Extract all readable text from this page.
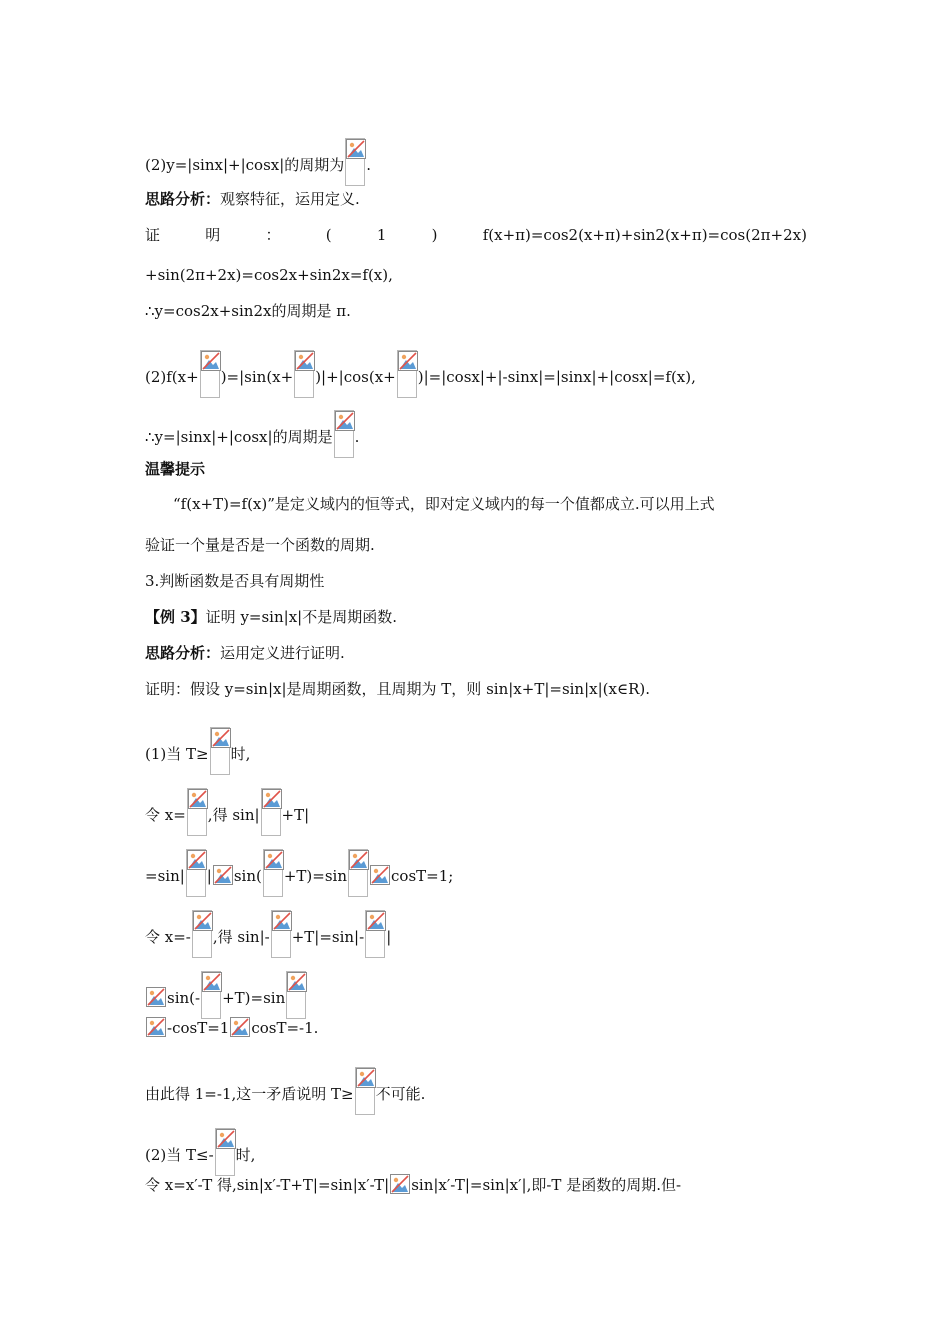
(2)y=|sinx|+|cosx|的周期为 .
思路分析：观察特征，运用定义.
证	明	：	(	1	)	f(x+π)=cos2(x+π)+sin2(x+π)=cos(2π+2x)
+sin(2π+2x)=cos2x+sin2x=f(x),
∴y=cos2x+sin2x的周期是 π.
(2)f(x+ )=|sin(x+ )|+|cos(x+ )|=|cosx|+|-sinx|=|sinx|+|cosx|=f(x),
∴y=|sinx|+|cosx|的周期是 .
温馨提示
“f(x+T)=f(x)”是定义域内的恒等式，即对定义域内的每一个值都成立.可以用上式
验证一个量是否是一个函数的周期.
3.判断函数是否具有周期性
【例 3】证明 y=sin|x|不是周期函数.
思路分析：运用定义进行证明.
证明：假设 y=sin|x|是周期函数，且周期为 T，则 sin|x+T|=sin|x|(x∈R).
(1)当 T≥ 时,
令 x= ,得 sin| +T|
=sin| | sin( +T)=sin	cosT=1;
令 x=- ,得 sin|- +T|=sin|- |
sin(- +T)=sin
-cosT=1 cosT=-1.
由此得 1=-1,这一矛盾说明 T≥ 不可能.
(2)当 T≤- 时,
令 x=x′-T 得,sin|x′-T+T|=sin|x′-T| sin|x′-T|=sin|x′|,即-T 是函数的周期.但-
